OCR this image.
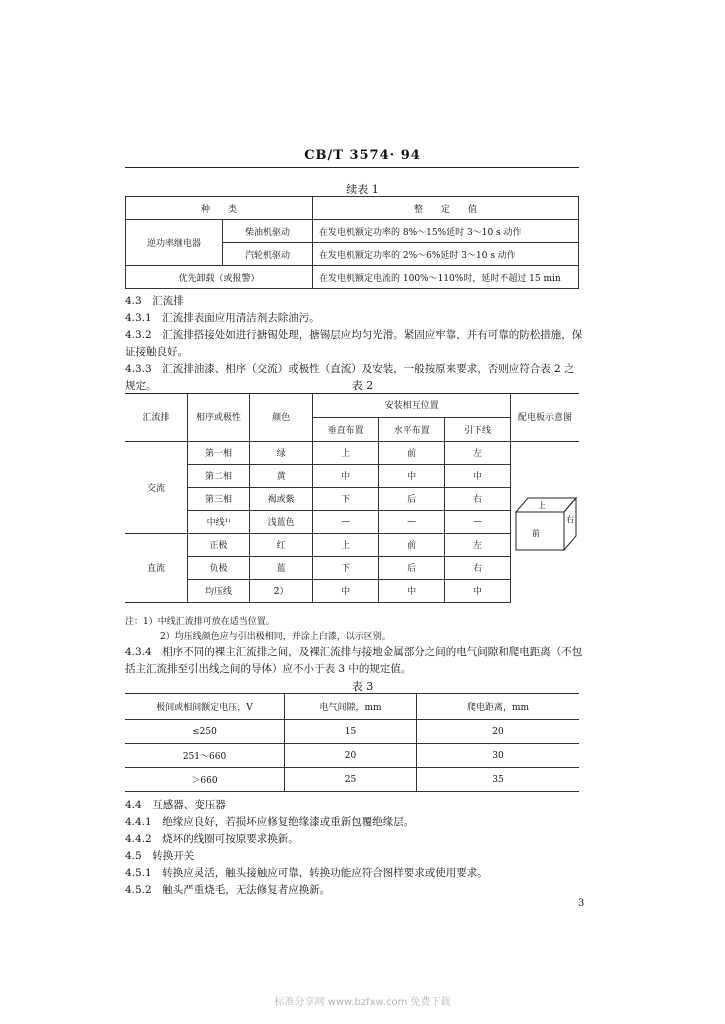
CB/T 3574· 94
续表 1
种　　类		整　　定　　值
逆功率继电器	柴油机驱动	在发电机额定功率的 8%～15%延时 3～10 s 动作
	汽轮机驱动	在发电机额定功率的 2%～6%延时 3～10 s 动作
优先卸载（或报警）		在发电机额定电流的 100%～110%时，延时不超过 15 min
4.3　汇流排
4.3.1　汇流排表面应用清洁剂去除油污。
4.3.2　汇流排搭接处如进行搪锡处理，搪锡层应均匀光滑。紧固应牢靠，并有可靠的防松措施，保证接触良好。
4.3.3　汇流排油漆、相序（交流）或极性（直流）及安装，一般按原来要求，否则应符合表 2 之规定。	表 2
汇流排	相序或极性	颜色	安装相互位置			配电板示意图
			垂直布置	水平布置	引下线	
交流	第一相	绿	上	前	左	上
右
前

	第二相	黄	中	中	中	
	第三相	褐或紫	下	后	右	
	中线¹⁾	浅蓝色	—	—	—	
直流	正极	红	上	前	左	
	负极	蓝	下	后	右	
	均压线	2）	中	中	中	
注：1）中线汇流排可放在适当位置。
2）均压线颜色应与引出极相同，并涂上白漆，以示区别。
4.3.4　相序不同的裸主汇流排之间，及裸汇流排与接地金属部分之间的电气间隙和爬电距离（不包括主汇流排至引出线之间的导体）应不小于表 3 中的规定值。
表 3
极间或相间额定电压，V	电气间隙，mm	爬电距离，mm
≤250	15	20
251～660	20	30
＞660	25	35
4.4　互感器、变压器
4.4.1　绝缘应良好，若损坏应修复绝缘漆或重新包覆绝缘层。
4.4.2　烧坏的线圈可按原要求换新。
4.5　转换开关
4.5.1　转换应灵活，触头接触应可靠，转换功能应符合图样要求或使用要求。
4.5.2　触头严重烧毛，无法修复者应换新。
3
标准分享网 www.bzfxw.com 免费下载
